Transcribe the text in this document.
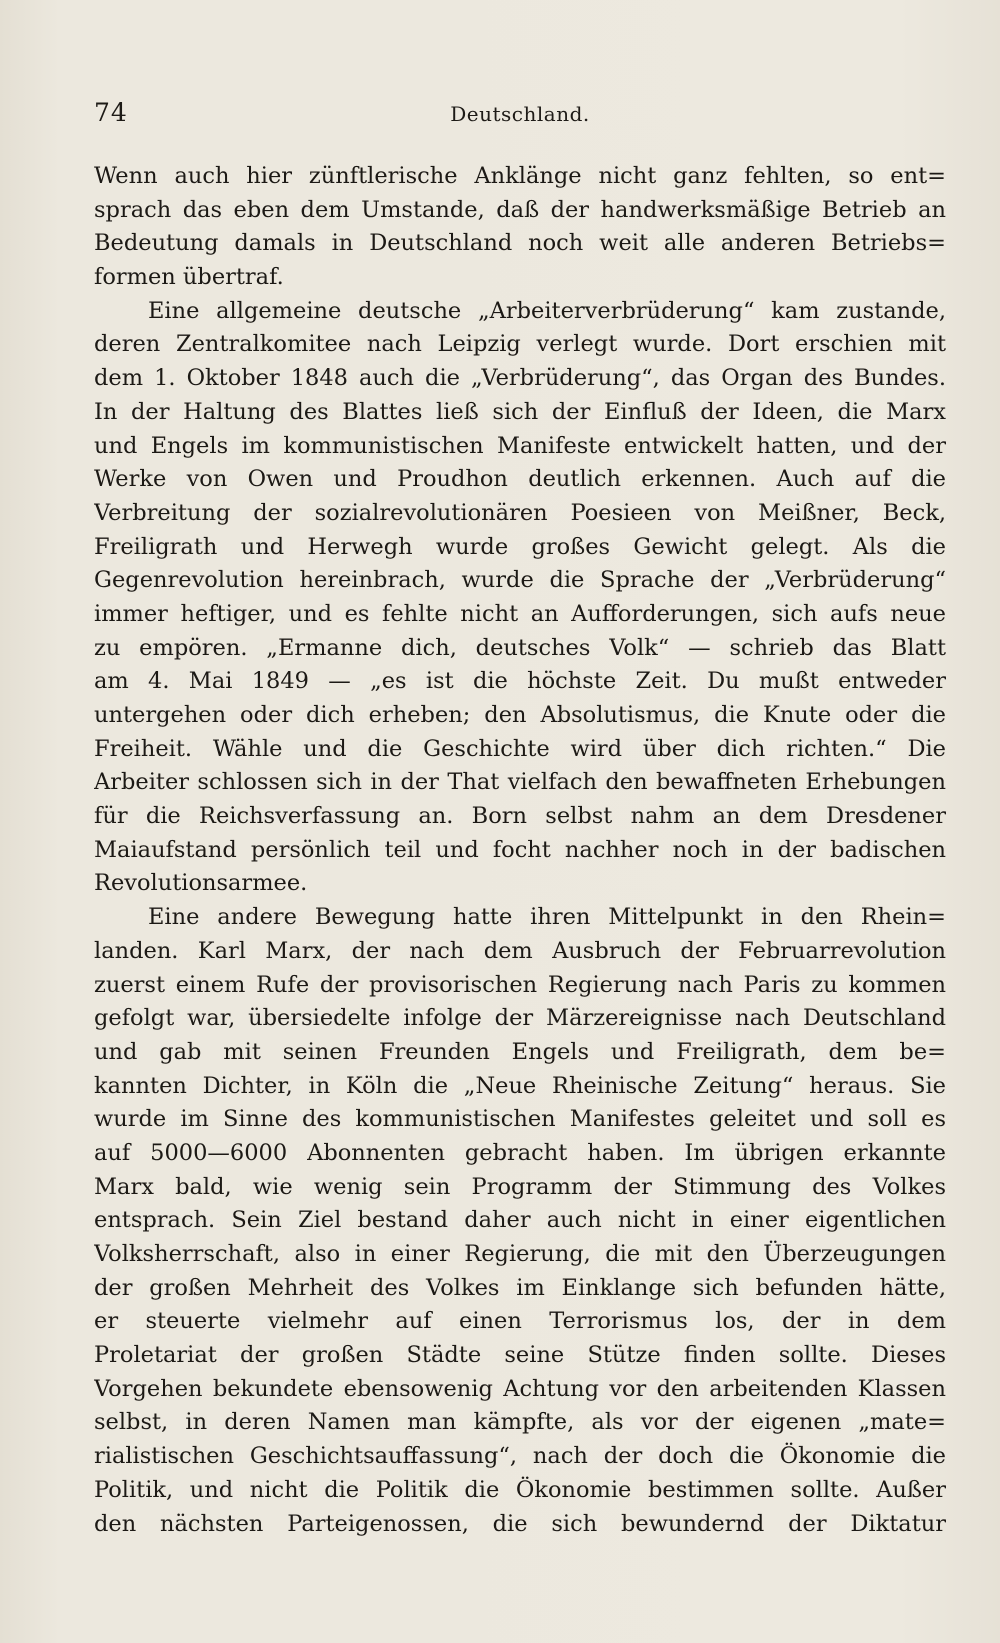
74	Deutschland.
Wenn auch hier zünftlerische Anklänge nicht ganz fehlten, so ent=
sprach das eben dem Umstande, daß der handwerksmäßige Betrieb an
Bedeutung damals in Deutschland noch weit alle anderen Betriebs=
formen übertraf.
Eine allgemeine deutsche „Arbeiterverbrüderung“ kam zustande,
deren Zentralkomitee nach Leipzig verlegt wurde. Dort erschien mit
dem 1. Oktober 1848 auch die „Verbrüderung“, das Organ des Bundes.
In der Haltung des Blattes ließ sich der Einfluß der Ideen, die Marx
und Engels im kommunistischen Manifeste entwickelt hatten, und der
Werke von Owen und Proudhon deutlich erkennen. Auch auf die
Verbreitung der sozialrevolutionären Poesieen von Meißner, Beck,
Freiligrath und Herwegh wurde großes Gewicht gelegt. Als die
Gegenrevolution hereinbrach, wurde die Sprache der „Verbrüderung“
immer heftiger, und es fehlte nicht an Aufforderungen, sich aufs neue
zu empören. „Ermanne dich, deutsches Volk“ — schrieb das Blatt
am 4. Mai 1849 — „es ist die höchste Zeit. Du mußt entweder
untergehen oder dich erheben; den Absolutismus, die Knute oder die
Freiheit. Wähle und die Geschichte wird über dich richten.“ Die
Arbeiter schlossen sich in der That vielfach den bewaffneten Erhebungen
für die Reichsverfassung an. Born selbst nahm an dem Dresdener
Maiaufstand persönlich teil und focht nachher noch in der badischen
Revolutionsarmee.
Eine andere Bewegung hatte ihren Mittelpunkt in den Rhein=
landen. Karl Marx, der nach dem Ausbruch der Februarrevolution
zuerst einem Rufe der provisorischen Regierung nach Paris zu kommen
gefolgt war, übersiedelte infolge der Märzereignisse nach Deutschland
und gab mit seinen Freunden Engels und Freiligrath, dem be=
kannten Dichter, in Köln die „Neue Rheinische Zeitung“ heraus. Sie
wurde im Sinne des kommunistischen Manifestes geleitet und soll es
auf 5000—6000 Abonnenten gebracht haben. Im übrigen erkannte
Marx bald, wie wenig sein Programm der Stimmung des Volkes
entsprach. Sein Ziel bestand daher auch nicht in einer eigentlichen
Volksherrschaft, also in einer Regierung, die mit den Überzeugungen
der großen Mehrheit des Volkes im Einklange sich befunden hätte,
er steuerte vielmehr auf einen Terrorismus los, der in dem
Proletariat der großen Städte seine Stütze finden sollte. Dieses
Vorgehen bekundete ebensowenig Achtung vor den arbeitenden Klassen
selbst, in deren Namen man kämpfte, als vor der eigenen „mate=
rialistischen Geschichtsauffassung“, nach der doch die Ökonomie die
Politik, und nicht die Politik die Ökonomie bestimmen sollte. Außer
den nächsten Parteigenossen, die sich bewundernd der Diktatur
